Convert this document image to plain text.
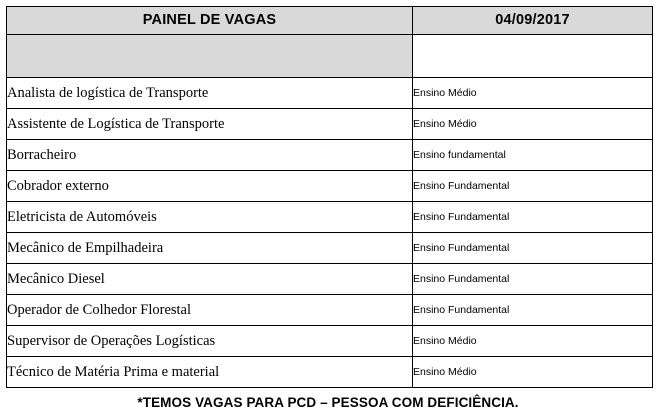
PAINEL DE VAGAS	04/09/2017

Analista de logística de Transporte	Ensino Médio
Assistente de Logística de Transporte	Ensino Médio
Borracheiro	Ensino fundamental
Cobrador externo	Ensino Fundamental
Eletricista de Automóveis	Ensino Fundamental
Mecânico de Empilhadeira	Ensino Fundamental
Mecânico Diesel	Ensino Fundamental
Operador de Colhedor Florestal	Ensino Fundamental
Supervisor de Operações Logísticas	Ensino Médio
Técnico de Matéria Prima e material	Ensino Médio
*TEMOS VAGAS PARA PCD – PESSOA COM DEFICIÊNCIA.
